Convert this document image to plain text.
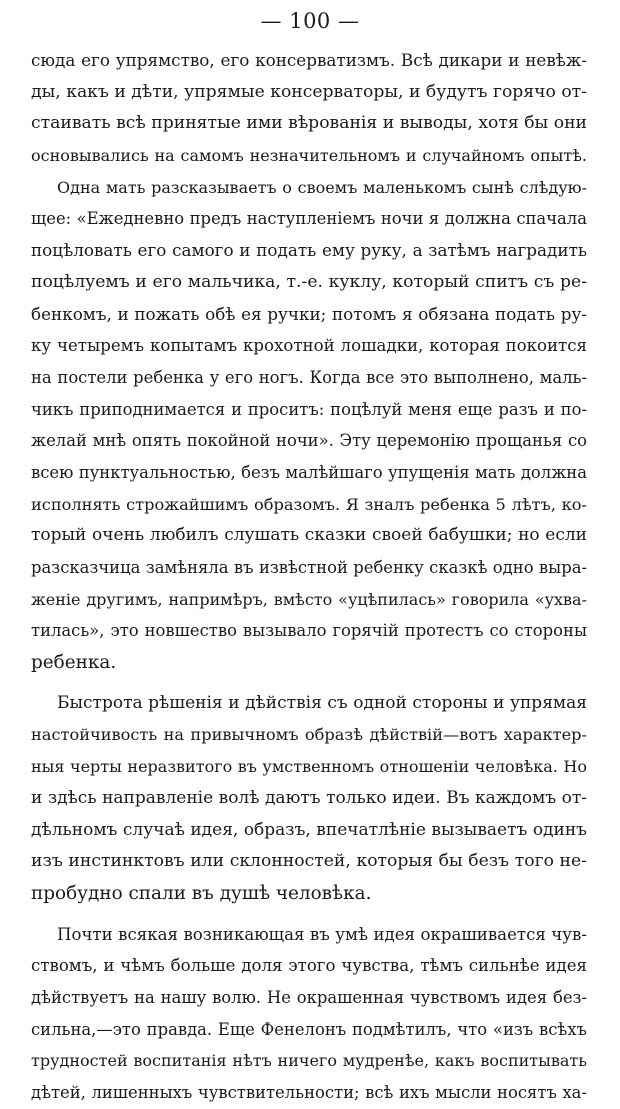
— 100 —
сюда его упрямство, его консерватизмъ. Всѣ дикари и невѣж-
ды, какъ и дѣти, упрямые консерваторы, и будутъ горячо от-
стаивать всѣ принятые ими вѣрованія и выводы, хотя бы они
основывались на самомъ незначительномъ и случайномъ опытѣ.
Одна мать разсказываетъ о своемъ маленькомъ сынѣ слѣдую-
щее: «Ежедневно предъ наступленіемъ ночи я должна спачала
поцѣловать его самого и подать ему руку, а затѣмъ наградить
поцѣлуемъ и его мальчика, т.-е. куклу, который спитъ съ ре-
бенкомъ, и пожать обѣ ея ручки; потомъ я обязана подать ру-
ку четыремъ копытамъ крохотной лошадки, которая покоится
на постели ребенка у его ногъ. Когда все это выполнено, маль-
чикъ приподнимается и проситъ: поцѣлуй меня еще разъ и по-
желай мнѣ опять покойной ночи». Эту церемонію прощанья со
всею пунктуальностью, безъ малѣйшаго упущенія мать должна
исполнять строжайшимъ образомъ. Я зналъ ребенка 5 лѣтъ, ко-
торый очень любилъ слушать сказки своей бабушки; но если
разсказчица замѣняла въ извѣстной ребенку сказкѣ одно выра-
женіе другимъ, напримѣръ, вмѣсто «уцѣпилась» говорила «ухва-
тилась», это новшество вызывало горячій протестъ со стороны
ребенка.
Быстрота рѣшенія и дѣйствія съ одной стороны и упрямая
настойчивость на привычномъ образѣ дѣйствій—вотъ характер-
ныя черты неразвитого въ умственномъ отношеніи человѣка. Но
и здѣсь направленіе волѣ даютъ только идеи. Въ каждомъ от-
дѣльномъ случаѣ идея, образъ, впечатлѣніе вызываетъ одинъ
изъ инстинктовъ или склонностей, которыя бы безъ того не-
пробудно спали въ душѣ человѣка.
Почти всякая возникающая въ умѣ идея окрашивается чув-
ствомъ, и чѣмъ больше доля этого чувства, тѣмъ сильнѣе идея
дѣйствуетъ на нашу волю. Не окрашенная чувствомъ идея без-
сильна,—это правда. Еще Фенелонъ подмѣтилъ, что «изъ всѣхъ
трудностей воспитанія нѣтъ ничего мудренѣе, какъ воспитывать
дѣтей, лишенныхъ чувствительности; всѣ ихъ мысли носятъ ха-
